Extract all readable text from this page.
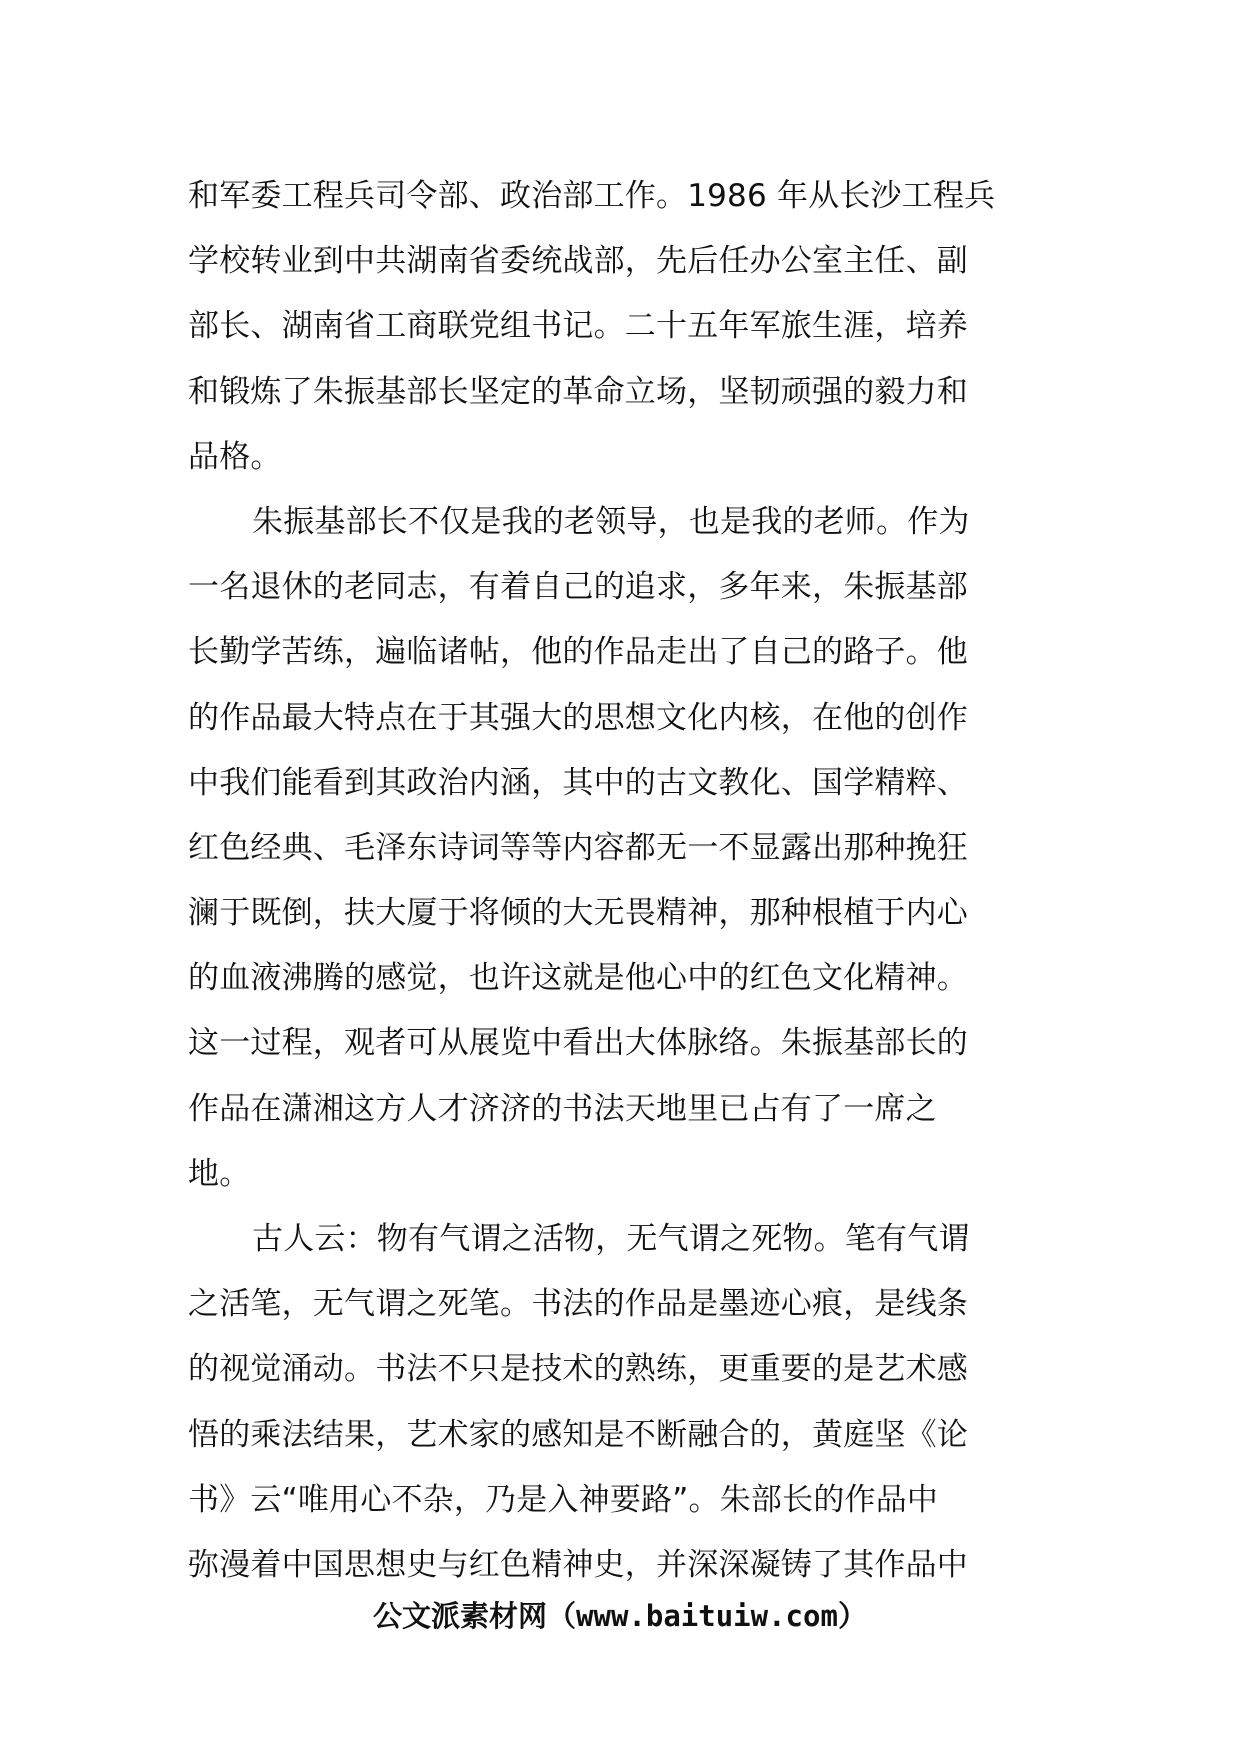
和军委工程兵司令部、政治部工作。1986 年从长沙工程兵
学校转业到中共湖南省委统战部，先后任办公室主任、副
部长、湖南省工商联党组书记。二十五年军旅生涯，培养
和锻炼了朱振基部长坚定的革命立场，坚韧顽强的毅力和
品格。
朱振基部长不仅是我的老领导，也是我的老师。作为
一名退休的老同志，有着自己的追求，多年来，朱振基部
长勤学苦练，遍临诸帖，他的作品走出了自己的路子。他
的作品最大特点在于其强大的思想文化内核，在他的创作
中我们能看到其政治内涵，其中的古文教化、国学精粹、
红色经典、毛泽东诗词等等内容都无一不显露出那种挽狂
澜于既倒，扶大厦于将倾的大无畏精神，那种根植于内心
的血液沸腾的感觉，也许这就是他心中的红色文化精神。
这一过程，观者可从展览中看出大体脉络。朱振基部长的
作品在潇湘这方人才济济的书法天地里已占有了一席之
地。
古人云：物有气谓之活物，无气谓之死物。笔有气谓
之活笔，无气谓之死笔。书法的作品是墨迹心痕，是线条
的视觉涌动。书法不只是技术的熟练，更重要的是艺术感
悟的乘法结果，艺术家的感知是不断融合的，黄庭坚《论
书》云“唯用心不杂，乃是入神要路”。朱部长的作品中
弥漫着中国思想史与红色精神史，并深深凝铸了其作品中
公文派素材网（www.baituiw.com）
